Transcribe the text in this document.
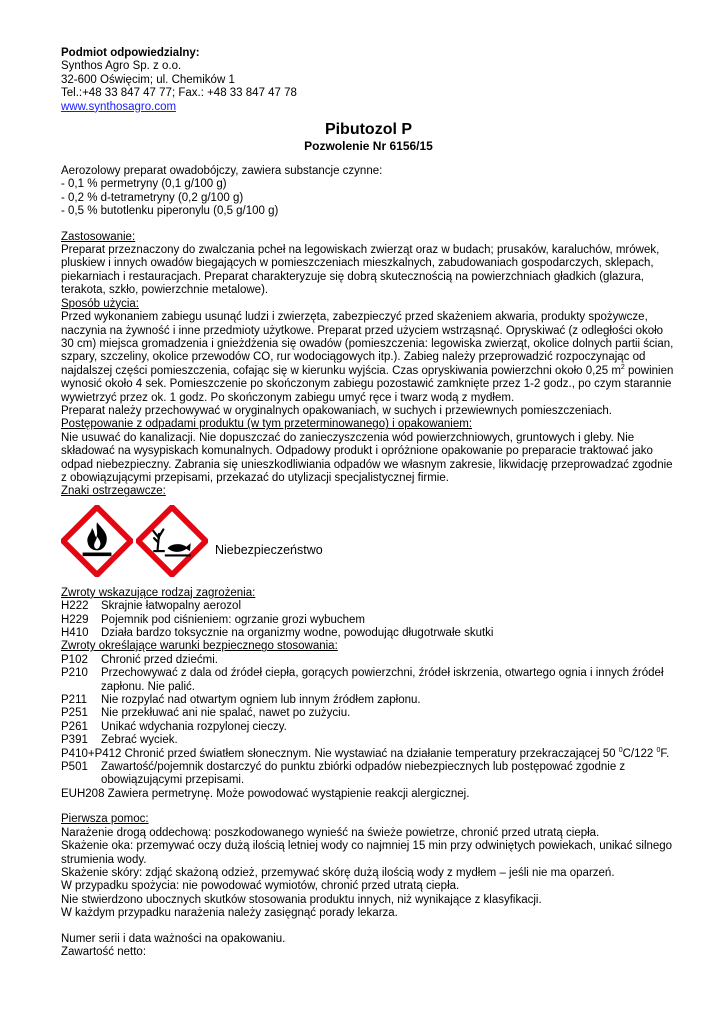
Podmiot odpowiedzialny:

Synthos Agro Sp. z o.o.

32-600 Oświęcim; ul. Chemików 1

Tel.:+48 33 847 47 77; Fax.: +48 33 847 47 78

www.synthosagro.com

Pibutozol P
Pozwolenie Nr 6156/15

Aerozolowy preparat owadobójczy, zawiera substancje czynne:

- 0,1 % permetryny (0,1 g/100 g)

- 0,2 % d-tetrametryny (0,2 g/100 g)

- 0,5 % butotlenku piperonylu (0,5 g/100 g)

Zastosowanie:

Preparat przeznaczony do zwalczania pcheł na legowiskach zwierząt oraz w budach; prusaków, karaluchów, mrówek, pluskiew i innych owadów biegających w pomieszczeniach mieszkalnych, zabudowaniach gospodarczych, sklepach, piekarniach i restauracjach. Preparat charakteryzuje się dobrą skutecznością na powierzchniach gładkich (glazura, terakota, szkło, powierzchnie metalowe).

Sposób użycia:

Przed wykonaniem zabiegu usunąć ludzi i zwierzęta, zabezpieczyć przed skażeniem akwaria, produkty spożywcze, naczynia na żywność i inne przedmioty użytkowe. Preparat przed użyciem wstrząsnąć. Opryskiwać (z odległości około 30 cm) miejsca gromadzenia i gnieżdżenia się owadów (pomieszczenia: legowiska zwierząt, okolice dolnych partii ścian, szpary, szczeliny, okolice przewodów CO, rur wodociągowych itp.). Zabieg należy przeprowadzić rozpoczynając od najdalszej części pomieszczenia, cofając się w kierunku wyjścia. Czas opryskiwania powierzchni około 0,25 $m^2$ powinien wynosić około 4 sek. Pomieszczenie po skończonym zabiegu pozostawić zamknięte przez 1-2 godz., po czym starannie wywietrzyć przez ok. 1 godz. Po skończonym zabiegu umyć ręce i twarz wodą z mydłem.

Preparat należy przechowywać w oryginalnych opakowaniach, w suchych i przewiewnych pomieszczeniach.

Postępowanie z odpadami produktu (w tym przeterminowanego) i opakowaniem:

Nie usuwać do kanalizacji. Nie dopuszczać do zanieczyszczenia wód powierzchniowych, gruntowych i gleby. Nie składować na wysypiskach komunalnych. Odpadowy produkt i opróżnione opakowanie po preparacie traktować jako odpad niebezpieczny. Zabrania się unieszkodliwiania odpadów we własnym zakresie, likwidację przeprowadzać zgodnie z obowiązującymi przepisami, przekazać do utylizacji specjalistycznej firmie.

Znaki ostrzegawcze:

Niebezpieczeństwo

Zwroty wskazujące rodzaj zagrożenia:

H222	Skrajnie łatwopalny aerozol
H229	Pojemnik pod ciśnieniem: ogrzanie grozi wybuchem
H410	Działa bardzo toksycznie na organizmy wodne, powodując długotrwałe skutki

Zwroty określające warunki bezpiecznego stosowania:

P102	Chronić przed dziećmi.
P210	Przechowywać z dala od źródeł ciepła, gorących powierzchni, źródeł iskrzenia, otwartego ognia i innych źródeł zapłonu. Nie palić.
P211	Nie rozpylać nad otwartym ogniem lub innym źródłem zapłonu.
P251	Nie przekłuwać ani nie spalać, nawet po zużyciu.
P261	Unikać wdychania rozpylonej cieczy.
P391	Zebrać wyciek.

P410+P412 Chronić przed światłem słonecznym. Nie wystawiać na działanie temperatury przekraczającej 50 $^0$C/122 $^0$F.

P501	Zawartość/pojemnik dostarczyć do punktu zbiórki odpadów niebezpiecznych lub postępować zgodnie z obowiązującymi przepisami.

EUH208 Zawiera permetrynę. Może powodować wystąpienie reakcji alergicznej.

Pierwsza pomoc:

Narażenie drogą oddechową: poszkodowanego wynieść na świeże powietrze, chronić przed utratą ciepła.

Skażenie oka: przemywać oczy dużą ilością letniej wody co najmniej 15 min przy odwiniętych powiekach, unikać silnego strumienia wody.

Skażenie skóry: zdjąć skażoną odzież, przemywać skórę dużą ilością wody z mydłem – jeśli nie ma oparzeń.

W przypadku spożycia: nie powodować wymiotów, chronić przed utratą ciepła.

Nie stwierdzono ubocznych skutków stosowania produktu innych, niż wynikające z klasyfikacji.

W każdym przypadku narażenia należy zasięgnąć porady lekarza.

Numer serii i data ważności na opakowaniu.

Zawartość netto:
